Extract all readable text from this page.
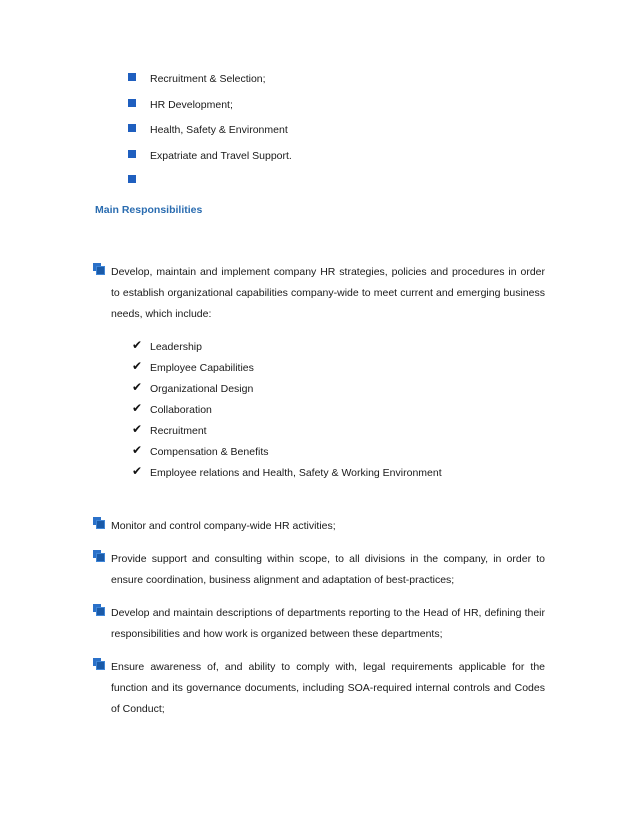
Recruitment & Selection;
HR Development;
Health, Safety & Environment
Expatriate and Travel Support.
Main Responsibilities

Develop, maintain and implement company HR strategies, policies and procedures in order to establish organizational capabilities company-wide to meet current and emerging business needs, which include:

✔ Leadership
✔ Employee Capabilities
✔ Organizational Design
✔ Collaboration
✔ Recruitment
✔ Compensation & Benefits
✔ Employee relations and Health, Safety & Working Environment

Monitor and control company-wide HR activities;

Provide support and consulting within scope, to all divisions in the company, in order to ensure coordination, business alignment and adaptation of best-practices;

Develop and maintain descriptions of departments reporting to the Head of HR, defining their responsibilities and how work is organized between these departments;

Ensure awareness of, and ability to comply with, legal requirements applicable for the function and its governance documents, including SOA-required internal controls and Codes of Conduct;
